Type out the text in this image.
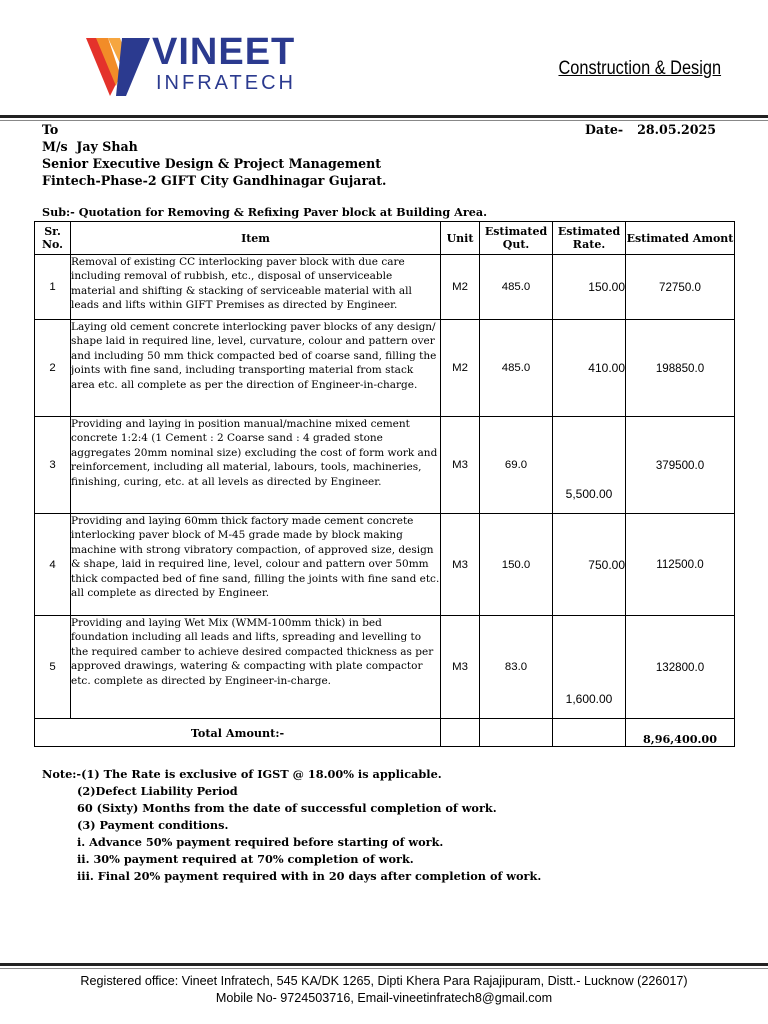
VINEET
INFRATECH
Construction & Design
To
M/s  Jay Shah
Senior Executive Design & Project Management
Fintech-Phase-2 GIFT City Gandhinagar Gujarat.
Date- 28.05.2025
Sub:- Quotation for Removing & Refixing Paver block at Building Area.
Sr. No.	Item	Unit	Estimated Qut.	Estimated Rate.	Estimated Amont
1	Removal of existing CC interlocking paver block with due care including removal of rubbish, etc., disposal of unserviceable material and shifting & stacking of serviceable material with all leads and lifts within GIFT Premises as directed by Engineer.	M2	485.0	150.00	72750.0
2	Laying old cement concrete interlocking paver blocks of any design/ shape laid in required line, level, curvature, colour and pattern over and including 50 mm thick compacted bed of coarse sand, filling the joints with fine sand, including transporting material from stack area etc. all complete as per the direction of Engineer-in-charge.	M2	485.0	410.00	198850.0
3	Providing and laying in position manual/machine mixed cement concrete 1:2:4 (1 Cement : 2 Coarse sand : 4 graded stone aggregates 20mm nominal size) excluding the cost of form work and reinforcement, including all material, labours, tools, machineries, finishing, curing, etc. at all levels as directed by Engineer.	M3	69.0	5,500.00	379500.0
4	Providing and laying 60mm thick factory made cement concrete interlocking paver block of M-45 grade made by block making machine with strong vibratory compaction, of approved size, design & shape, laid in required line, level, colour and pattern over 50mm thick compacted bed of fine sand, filling the joints with fine sand etc. all complete as directed by Engineer.	M3	150.0	750.00	112500.0
5	Providing and laying Wet Mix (WMM-100mm thick) in bed foundation including all leads and lifts, spreading and levelling to the required camber to achieve desired compacted thickness as per approved drawings, watering & compacting with plate compactor etc. complete as directed by Engineer-in-charge.	M3	83.0	1,600.00	132800.0
Total Amount:-					8,96,400.00
Note:-(1) The Rate is exclusive of IGST @ 18.00% is applicable.
(2)Defect Liability Period
60 (Sixty) Months from the date of successful completion of work.
(3) Payment conditions.
i. Advance 50% payment required before starting of work.
ii. 30% payment required at 70% completion of work.
iii. Final 20% payment required with in 20 days after completion of work.
Registered office: Vineet Infratech, 545 KA/DK 1265, Dipti Khera Para Rajajipuram, Distt.- Lucknow (226017)
Mobile No- 9724503716, Email-vineetinfratech8@gmail.com
